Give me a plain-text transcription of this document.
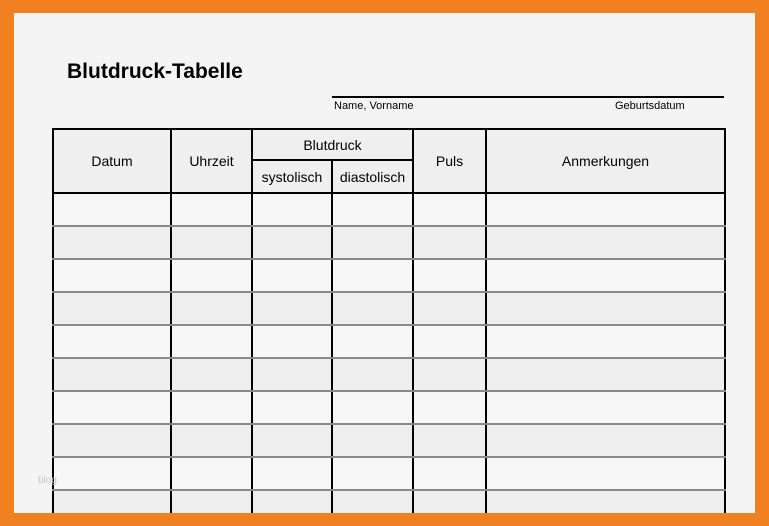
Blutdruck-Tabelle
Name, Vorname	Geburtsdatum
Datum	Uhrzeit	Blutdruck		Puls	Anmerkungen
		systolisch	diastolisch		

blog
